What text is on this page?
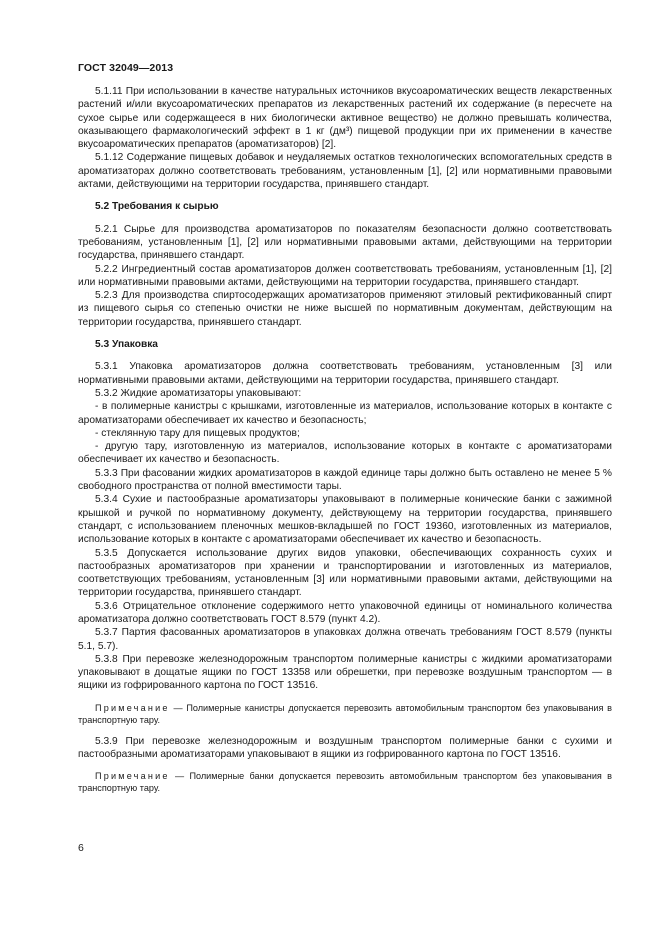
ГОСТ 32049—2013

5.1.11 При использовании в качестве натуральных источников вкусоароматических веществ лекарственных растений и/или вкусоароматических препаратов из лекарственных растений их содержание (в пересчете на сухое сырье или содержащееся в них биологически активное вещество) не должно превышать количества, оказывающего фармакологический эффект в 1 кг (дм³) пищевой продукции при их применении в качестве вкусоароматических препаратов (ароматизаторов) [2].

5.1.12 Содержание пищевых добавок и неудаляемых остатков технологических вспомогательных средств в ароматизаторах должно соответствовать требованиям, установленным [1], [2] или нормативными правовыми актами, действующими на территории государства, принявшего стандарт.

5.2 Требования к сырью

5.2.1 Сырье для производства ароматизаторов по показателям безопасности должно соответствовать требованиям, установленным [1], [2] или нормативными правовыми актами, действующими на территории государства, принявшего стандарт.

5.2.2 Ингредиентный состав ароматизаторов должен соответствовать требованиям, установленным [1], [2] или нормативными правовыми актами, действующими на территории государства, принявшего стандарт.

5.2.3 Для производства спиртосодержащих ароматизаторов применяют этиловый ректификованный спирт из пищевого сырья со степенью очистки не ниже высшей по нормативным документам, действующим на территории государства, принявшего стандарт.

5.3 Упаковка

5.3.1 Упаковка ароматизаторов должна соответствовать требованиям, установленным [3] или нормативными правовыми актами, действующими на территории государства, принявшего стандарт.

5.3.2 Жидкие ароматизаторы упаковывают:

- в полимерные канистры с крышками, изготовленные из материалов, использование которых в контакте с ароматизаторами обеспечивает их качество и безопасность;

- стеклянную тару для пищевых продуктов;

- другую тару, изготовленную из материалов, использование которых в контакте с ароматизаторами обеспечивает их качество и безопасность.

5.3.3 При фасовании жидких ароматизаторов в каждой единице тары должно быть оставлено не менее 5 % свободного пространства от полной вместимости тары.

5.3.4 Сухие и пастообразные ароматизаторы упаковывают в полимерные конические банки с зажимной крышкой и ручкой по нормативному документу, действующему на территории государства, принявшего стандарт, с использованием пленочных мешков-вкладышей по ГОСТ 19360, изготовленных из материалов, использование которых в контакте с ароматизаторами обеспечивает их качество и безопасность.

5.3.5 Допускается использование других видов упаковки, обеспечивающих сохранность сухих и пастообразных ароматизаторов при хранении и транспортировании и изготовленных из материалов, соответствующих требованиям, установленным [3] или нормативными правовыми актами, действующими на территории государства, принявшего стандарт.

5.3.6 Отрицательное отклонение содержимого нетто упаковочной единицы от номинального количества ароматизатора должно соответствовать ГОСТ 8.579 (пункт 4.2).

5.3.7 Партия фасованных ароматизаторов в упаковках должна отвечать требованиям ГОСТ 8.579 (пункты 5.1, 5.7).

5.3.8 При перевозке железнодорожным транспортом полимерные канистры с жидкими ароматизаторами упаковывают в дощатые ящики по ГОСТ 13358 или обрешетки, при перевозке воздушным транспортом — в ящики из гофрированного картона по ГОСТ 13516.

Примечание — Полимерные канистры допускается перевозить автомобильным транспортом без упаковывания в транспортную тару.

5.3.9 При перевозке железнодорожным и воздушным транспортом полимерные банки с сухими и пастообразными ароматизаторами упаковывают в ящики из гофрированного картона по ГОСТ 13516.

Примечание — Полимерные банки допускается перевозить автомобильным транспортом без упаковывания в транспортную тару.
6
